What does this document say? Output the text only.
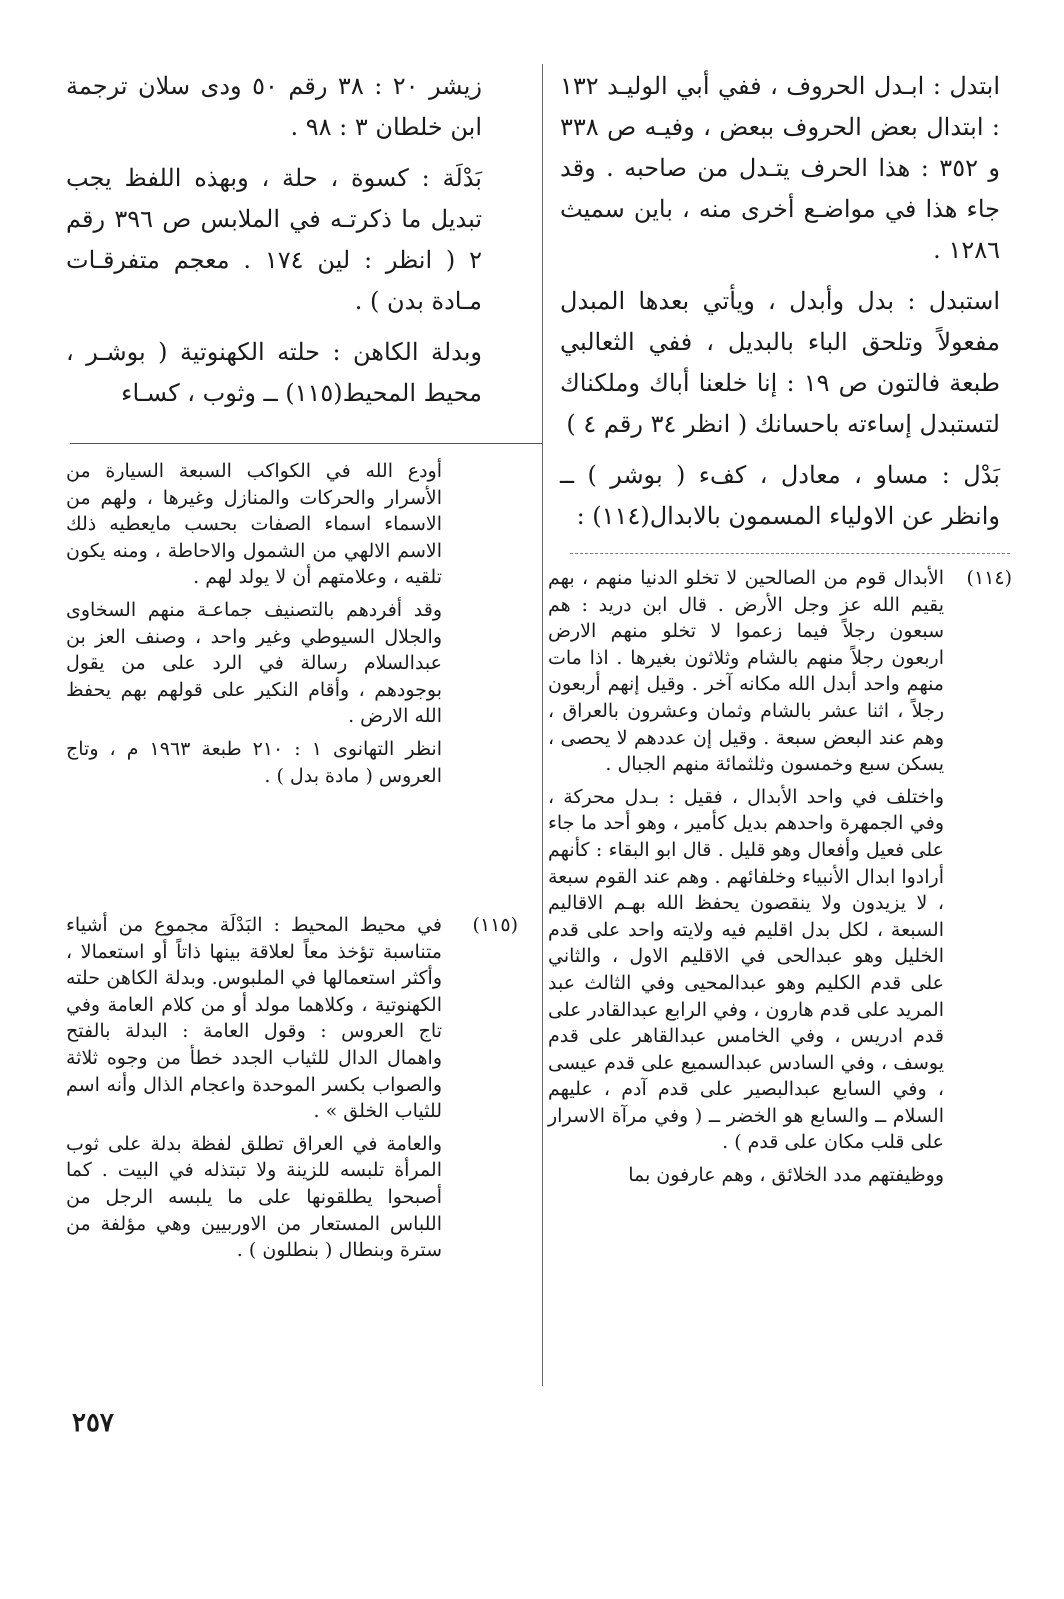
ابتدل : ابـدل الحروف ، ففي أبي الوليـد ١٣٢ : ابتدال بعض الحروف ببعض ، وفيـه ص ٣٣٨ و ٣٥٢ : هذا الحرف يتـدل من صاحبه . وقد جاء هذا في مواضـع أخرى منه ، باين سميث ١٢٨٦ .

استبدل : بدل وأبدل ، ويأتي بعدها المبدل مفعولاً وتلحق الباء بالبديل ، ففي الثعالبي طبعة فالتون ص ١٩ : إنا خلعنا أباك وملكناك لتستبدل إساءته باحسانك ( انظر ٣٤ رقم ٤ )

بَدْل : مساو ، معادل ، كفء ( بوشر ) ــ وانظر عن الاولياء المسمون بالابدال(١١٤) :

زيشر ٢٠ : ٣٨ رقم ٥٠ ودى سلان ترجمة ابن خلطان ٣ : ٩٨ .

بَدْلَة : كسوة ، حلة ، وبهذه اللفظ يجب تبديل ما ذكرتـه في الملابس ص ٣٩٦ رقم ٢ ( انظر : لين ١٧٤ . معجم متفرقـات مـادة بدن ) .

وبدلة الكاهن : حلته الكهنوتية ( بوشـر ، محيط المحيط(١١٥) ــ وثوب ، كسـاء

(١١٤)

الأبدال قوم من الصالحين لا تخلو الدنيا منهم ، بهم يقيم الله عز وجل الأرض . قال ابن دريد : هم سبعون رجلاً فيما زعموا لا تخلو منهم الارض اربعون رجلاً منهم بالشام وثلاثون بغيرها . اذا مات منهم واحد أبدل الله مكانه آخر . وقيل إنهم أربعون رجلاً ، اثنا عشر بالشام وثمان وعشرون بالعراق ، وهم عند البعض سبعة . وقيل إن عددهم لا يحصى ، يسكن سبع وخمسون وثلثمائة منهم الجبال .

واختلف في واحد الأبدال ، فقيل : بـدل محركة ، وفي الجمهرة واحدهم بديل كأمير ، وهو أحد ما جاء على فعيل وأفعال وهو قليل . قال ابو البقاء : كأنهم أرادوا ابدال الأنبياء وخلفائهم . وهم عند القوم سبعة ، لا يزيدون ولا ينقصون يحفظ الله بهـم الاقاليم السبعة ، لكل بدل اقليم فيه ولايته واحد على قدم الخليل وهو عبدالحى في الاقليم الاول ، والثاني على قدم الكليم وهو عبدالمحيى وفي الثالث عبد المريد على قدم هارون ، وفي الرابع عبدالقادر على قدم ادريس ، وفي الخامس عبدالقاهر على قدم يوسف ، وفي السادس عبدالسميع على قدم عيسى ، وفي السابع عبدالبصير على قدم آدم ، عليهم السلام ــ والسابع هو الخضر ــ ( وفي مرآة الاسرار على قلب مكان على قدم ) .

ووظيفتهم مدد الخلائق ، وهم عارفون بما

أودع الله في الكواكب السبعة السيارة من الأسرار والحركات والمنازل وغيرها ، ولهم من الاسماء اسماء الصفات بحسب مايعطيه ذلك الاسم الالهي من الشمول والاحاطة ، ومنه يكون تلقيه ، وعلامتهم أن لا يولد لهم .

وقد أفردهم بالتصنيف جماعـة منهم السخاوى والجلال السيوطي وغير واحد ، وصنف العز بن عبدالسلام رسالة في الرد على من يقول بوجودهم ، وأقام النكير على قولهم بهم يحفظ الله الارض .

انظر التهانوى ١ : ٢١٠ طبعة ١٩٦٣ م ، وتاج العروس ( مادة بدل ) .

(١١٥)

في محيط المحيط : البَدْلَة مجموع من أشياء متناسبة تؤخذ معاً لعلاقة بينها ذاتاً أو استعمالا ، وأكثر استعمالها في الملبوس. وبدلة الكاهن حلته الكهنوتية ، وكلاهما مولد أو من كلام العامة وفي تاج العروس : وقول العامة : البدلة بالفتح واهمال الدال للثياب الجدد خطأ من وجوه ثلاثة والصواب بكسر الموحدة واعجام الذال وأنه اسم للثياب الخلق » .

والعامة في العراق تطلق لفظة بدلة على ثوب المرأة تلبسه للزينة ولا تبتذله في البيت . كما أصبحوا يطلقونها على ما يلبسه الرجل من اللباس المستعار من الاوربيين وهي مؤلفة من سترة وبنطال ( بنطلون ) .

٢٥٧
